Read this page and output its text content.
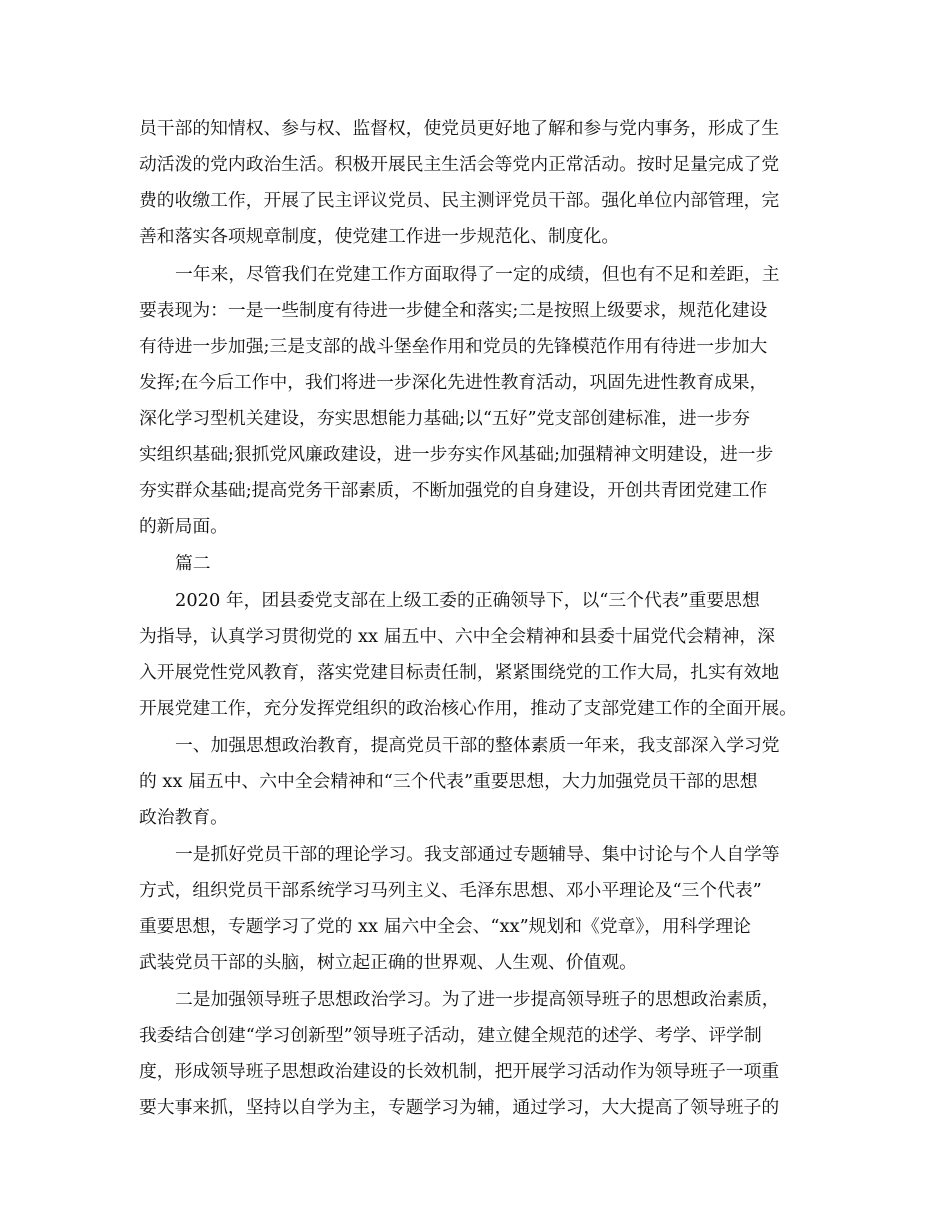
员干部的知情权、参与权、监督权，使党员更好地了解和参与党内事务，形成了生

动活泼的党内政治生活。积极开展民主生活会等党内正常活动。按时足量完成了党

费的收缴工作，开展了民主评议党员、民主测评党员干部。强化单位内部管理，完

善和落实各项规章制度，使党建工作进一步规范化、制度化。

一年来，尽管我们在党建工作方面取得了一定的成绩，但也有不足和差距，主

要表现为：一是一些制度有待进一步健全和落实;二是按照上级要求，规范化建设

有待进一步加强;三是支部的战斗堡垒作用和党员的先锋模范作用有待进一步加大

发挥;在今后工作中，我们将进一步深化先进性教育活动，巩固先进性教育成果，

深化学习型机关建设，夯实思想能力基础;以“五好”党支部创建标准，进一步夯

实组织基础;狠抓党风廉政建设，进一步夯实作风基础;加强精神文明建设，进一步

夯实群众基础;提高党务干部素质，不断加强党的自身建设，开创共青团党建工作

的新局面。

篇二

2020 年，团县委党支部在上级工委的正确领导下，以“三个代表”重要思想

为指导，认真学习贯彻党的 xx 届五中、六中全会精神和县委十届党代会精神，深

入开展党性党风教育，落实党建目标责任制，紧紧围绕党的工作大局，扎实有效地

开展党建工作，充分发挥党组织的政治核心作用，推动了支部党建工作的全面开展。

一、加强思想政治教育，提高党员干部的整体素质一年来，我支部深入学习党

的 xx 届五中、六中全会精神和“三个代表”重要思想，大力加强党员干部的思想

政治教育。

一是抓好党员干部的理论学习。我支部通过专题辅导、集中讨论与个人自学等

方式，组织党员干部系统学习马列主义、毛泽东思想、邓小平理论及“三个代表”

重要思想，专题学习了党的 xx 届六中全会、“xx”规划和《党章》，用科学理论

武装党员干部的头脑，树立起正确的世界观、人生观、价值观。

二是加强领导班子思想政治学习。为了进一步提高领导班子的思想政治素质，

我委结合创建“学习创新型”领导班子活动，建立健全规范的述学、考学、评学制

度，形成领导班子思想政治建设的长效机制，把开展学习活动作为领导班子一项重

要大事来抓，坚持以自学为主，专题学习为辅，通过学习，大大提高了领导班子的
